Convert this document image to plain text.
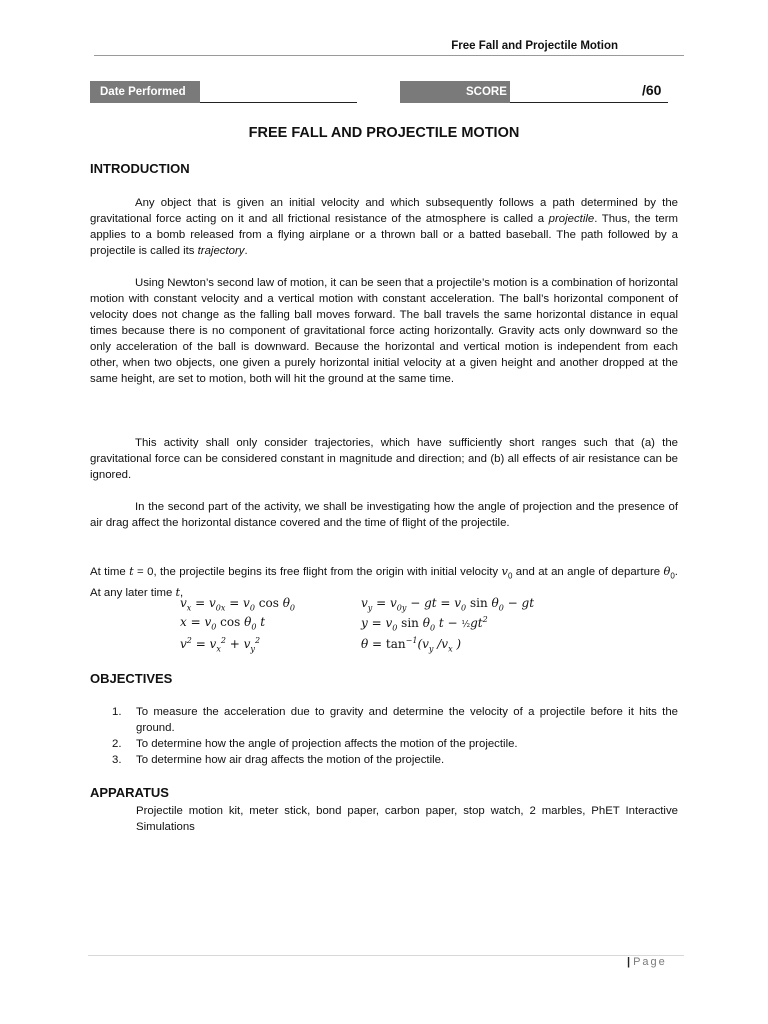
Free Fall and Projectile Motion
Date Performed	SCORE	/60
FREE FALL AND PROJECTILE MOTION
INTRODUCTION

Any object that is given an initial velocity and which subsequently follows a path determined by the gravitational force acting on it and all frictional resistance of the atmosphere is called a projectile. Thus, the term applies to a bomb released from a flying airplane or a thrown ball or a batted baseball. The path followed by a projectile is called its trajectory.

Using Newton’s second law of motion, it can be seen that a projectile’s motion is a combination of horizontal motion with constant velocity and a vertical motion with constant acceleration. The ball’s horizontal component of velocity does not change as the falling ball moves forward. The ball travels the same horizontal distance in equal times because there is no component of gravitational force acting horizontally. Gravity acts only downward so the only acceleration of the ball is downward. Because the horizontal and vertical motion is independent from each other, when two objects, one given a purely horizontal initial velocity at a given height and another dropped at the same height, are set to motion, both will hit the ground at the same time.

This activity shall only consider trajectories, which have sufficiently short ranges such that (a) the gravitational force can be considered constant in magnitude and direction; and (b) all effects of air resistance can be ignored.

In the second part of the activity, we shall be investigating how the angle of projection and the presence of air drag affect the horizontal distance covered and the time of flight of the projectile.

At time t = 0, the projectile begins its free flight from the origin with initial velocity $v_0$ and at an angle of departure $\theta_0$. At any later time t,

$v_x = v_{0x} = v_0$ $\cos \theta_0$	$v_y = v_{0y}$ − gt = $v_0$ $\sin \theta_0$ − gt
$x = v_0$ $\cos \theta_0$ t	$y = v_0$ $\sin \theta_0$ $t - \frac{1}{2}gt^2$
$v^2 = v_x^2 + v_y^2$	$\theta = \tan^{-1}(v_y$ $/v_x$ )
OBJECTIVES
1. To measure the acceleration due to gravity and determine the velocity of a projectile before it hits the ground.
2. To determine how the angle of projection affects the motion of the projectile.
3. To determine how air drag affects the motion of the projectile.
APPARATUS

Projectile motion kit, meter stick, bond paper, carbon paper, stop watch, 2 marbles, PhET Interactive Simulations

| Page
